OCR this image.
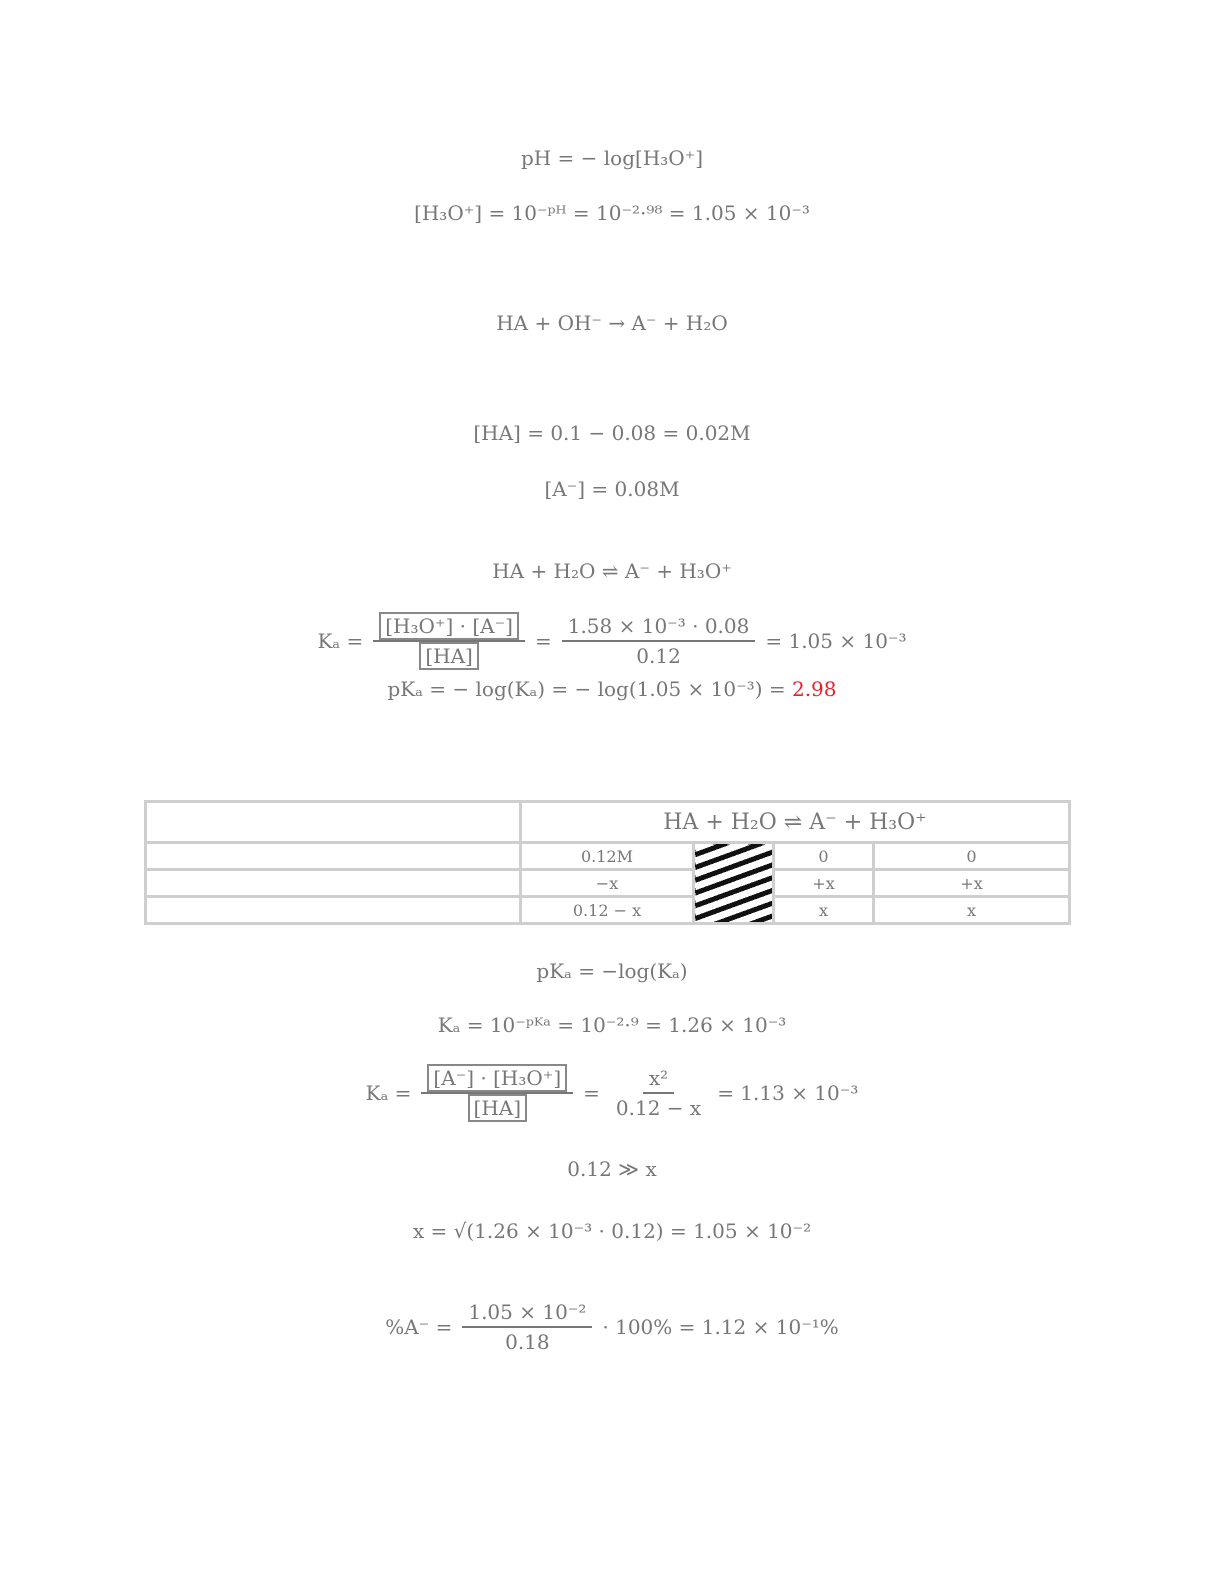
pH = − log[H₃O⁺]
[H₃O⁺] = 10⁻ᵖᴴ = 10⁻²·⁹⁸ = 1.05 × 10⁻³
HA + OH⁻ → A⁻ + H₂O
[HA] = 0.1 − 0.08 = 0.02M
[A⁻] = 0.08M
HA + H₂O ⇌ A⁻ + H₃O⁺
$K_a = \frac{\text{[H₃O⁺] · [A⁻]}}{[HA]} = \frac{\text{1.58 × 10⁻³ · 0.08}}{0.12} = 1.05 \times 10^{-3}$
pKₐ = − log(Kₐ) = − log(1.05 × 10⁻³) = 2.98
	HA + H₂O ⇌ A⁻ + H₃O⁺			
	0.12M		0	0
	−x		+x	+x
	0.12 − x		x	x
pKₐ = −log(Kₐ)
Kₐ = 10⁻ᵖᴷᵃ = 10⁻²·⁹ = 1.26 × 10⁻³
$K_a = \frac{\text{[A⁻] · [H₃O⁺]}}{[HA]} = \frac{\text{x²}}{0.12 - x} = 1.13 \times 10^{-3}$
0.12 ≫ x
x = √(1.26 × 10⁻³ · 0.12) = 1.05 × 10⁻²
$\%A^- = \frac{\text{1.05 × 10⁻²}}{0.18} \cdot 100\% = 1.12 \times 10^{-1}\%$
